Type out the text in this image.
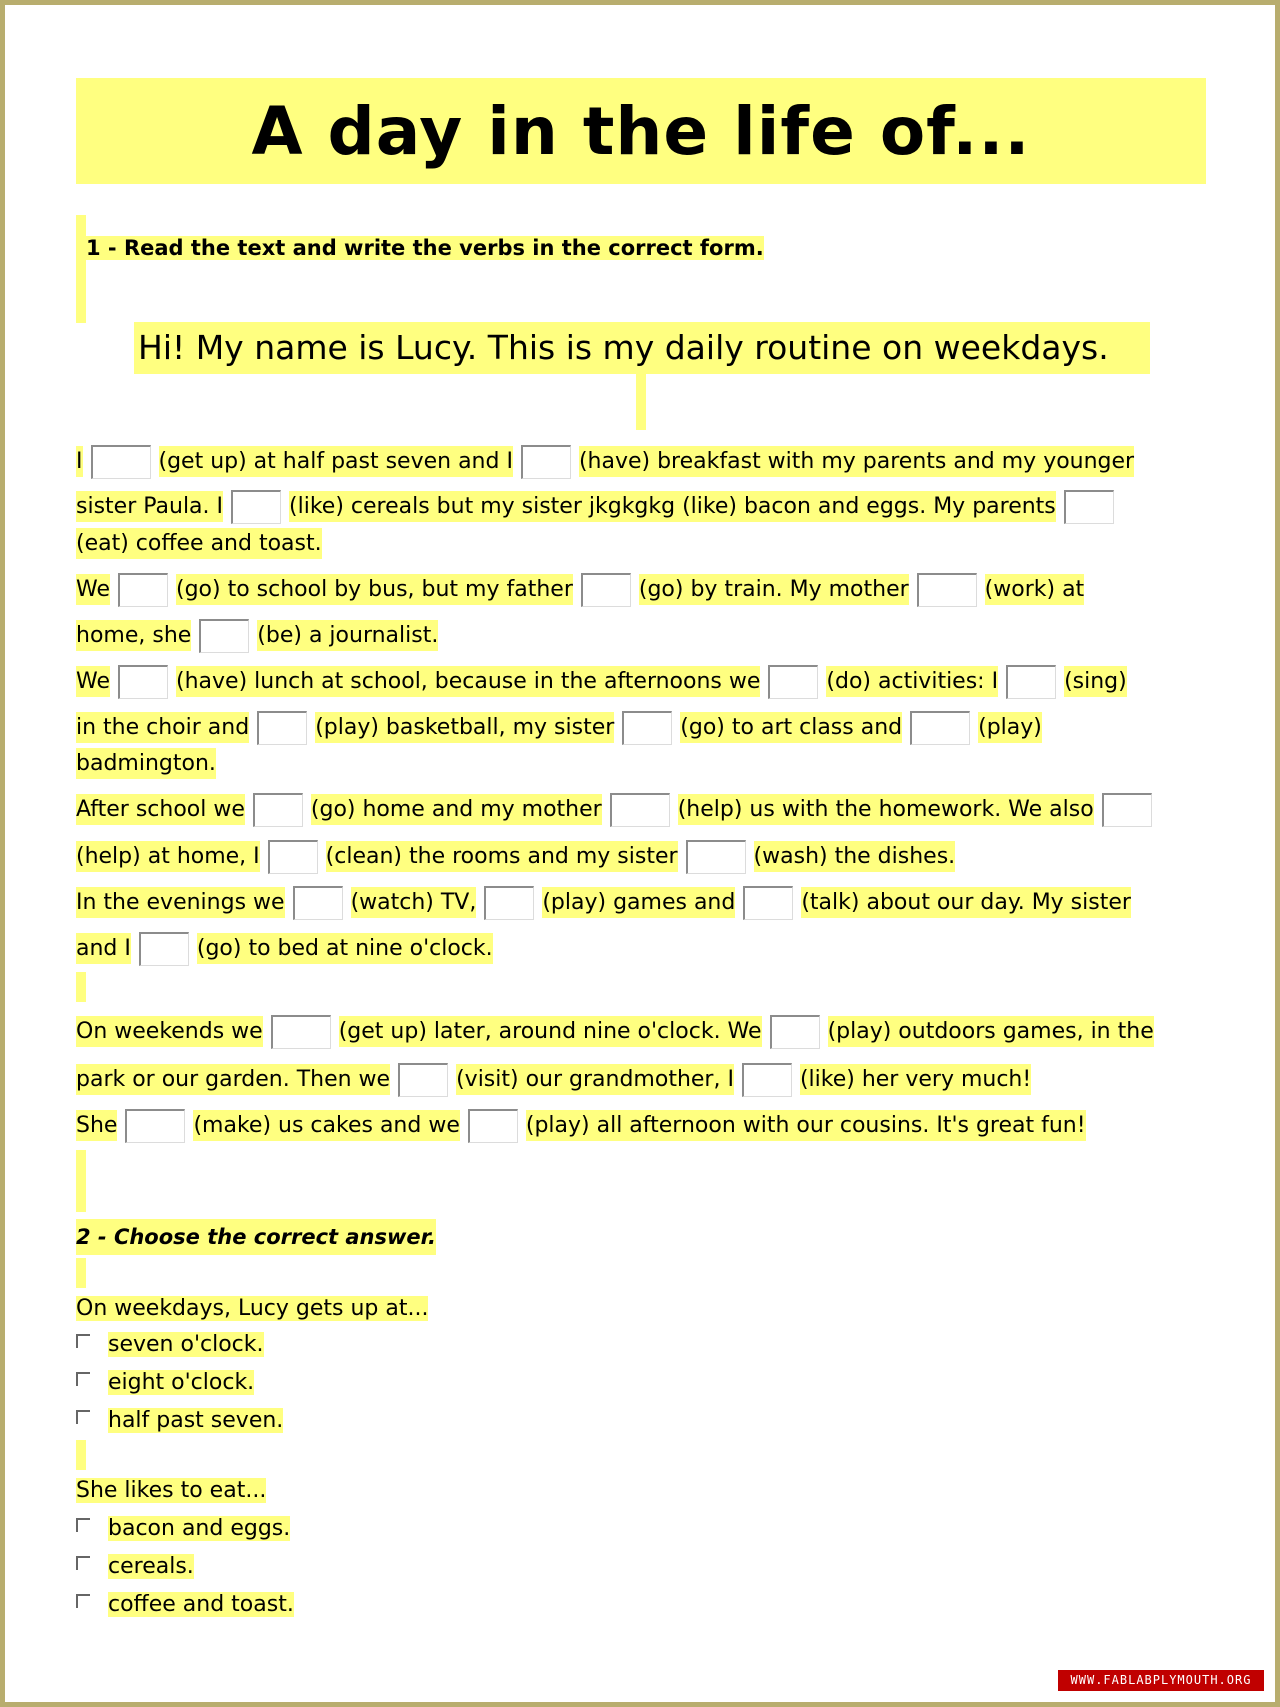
A day in the life of...
1 - Read the text and write the verbs in the correct form.
Hi! My name is Lucy. This is my daily routine on weekdays.
I	(get up) at half past seven and I	(have) breakfast with my parents and my younger
sister Paula. I	(like) cereals but my sister jkgkgkg (like) bacon and eggs. My parents
(eat) coffee and toast.
We	(go) to school by bus, but my father	(go) by train. My mother	(work) at
home, she	(be) a journalist.
We	(have) lunch at school, because in the afternoons we	(do) activities: I	(sing)
in the choir and	(play) basketball, my sister	(go) to art class and	(play)
badmington.
After school we	(go) home and my mother	(help) us with the homework. We also
(help) at home, I	(clean) the rooms and my sister	(wash) the dishes.
In the evenings we	(watch) TV,	(play) games and	(talk) about our day. My sister
and I	(go) to bed at nine o'clock.
On weekends we	(get up) later, around nine o'clock. We	(play) outdoors games, in the
park or our garden. Then we	(visit) our grandmother, I	(like) her very much!
She	(make) us cakes and we	(play) all afternoon with our cousins. It's great fun!
2 - Choose the correct answer.
On weekdays, Lucy gets up at...
seven o'clock.
eight o'clock.
half past seven.
She likes to eat...
bacon and eggs.
cereals.
coffee and toast.
WWW.FABLABPLYMOUTH.ORG
